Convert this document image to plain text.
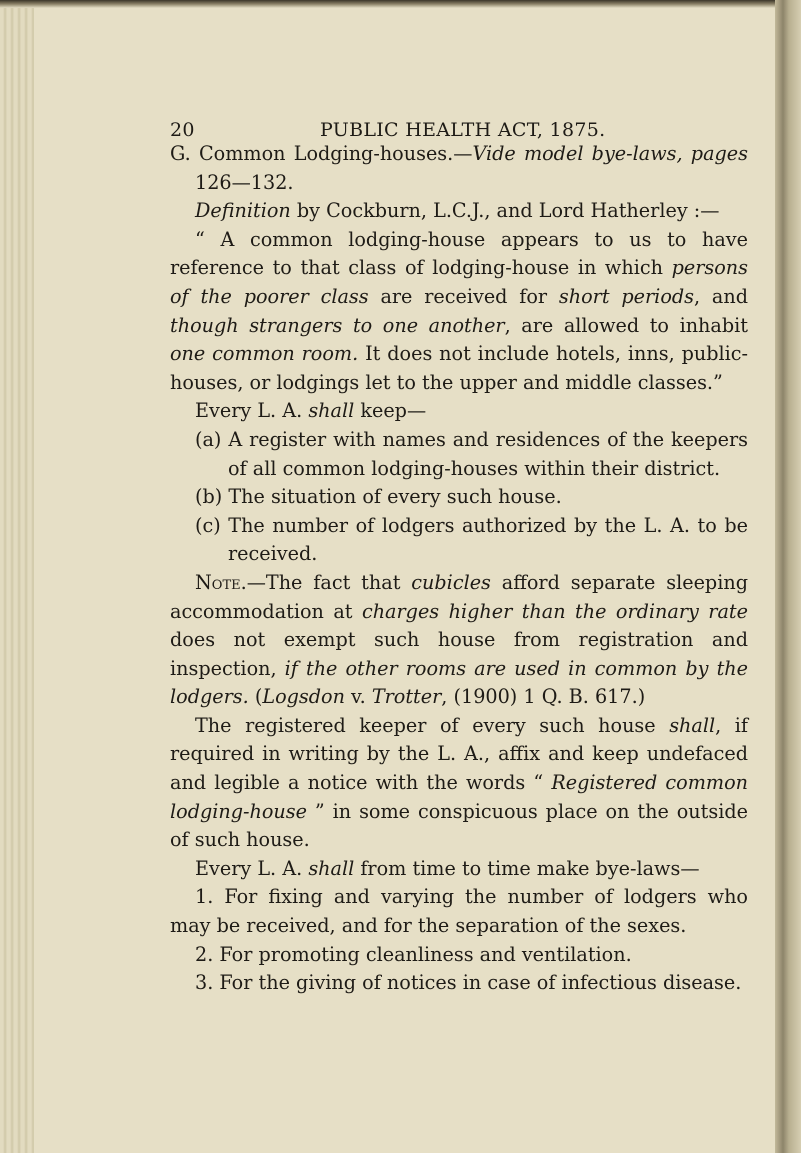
20	PUBLIC HEALTH ACT, 1875.

G. Common Lodging-houses.—Vide model bye-laws, pages 126—132.

Definition by Cockburn, L.C.J., and Lord Hatherley :—

“ A common lodging-house appears to us to have reference to that class of lodging-house in which persons of the poorer class are received for short periods, and though strangers to one another, are allowed to inhabit one common room. It does not include hotels, inns, public-houses, or lodgings let to the upper and middle classes.”

Every L. A. shall keep—

(a) A register with names and residences of the keepers of all common lodging-houses within their district.

(b) The situation of every such house.

(c) The number of lodgers authorized by the L. A. to be received.

Note.—The fact that cubicles afford separate sleeping accommodation at charges higher than the ordinary rate does not exempt such house from registration and inspection, if the other rooms are used in common by the lodgers. (Logsdon v. Trotter, (1900) 1 Q. B. 617.)

The registered keeper of every such house shall, if required in writing by the L. A., affix and keep undefaced and legible a notice with the words “ Registered common lodging-house ” in some conspicuous place on the outside of such house.

Every L. A. shall from time to time make bye-laws—

1. For fixing and varying the number of lodgers who may be received, and for the separation of the sexes.

2. For promoting cleanliness and ventilation.

3. For the giving of notices in case of infectious disease.
